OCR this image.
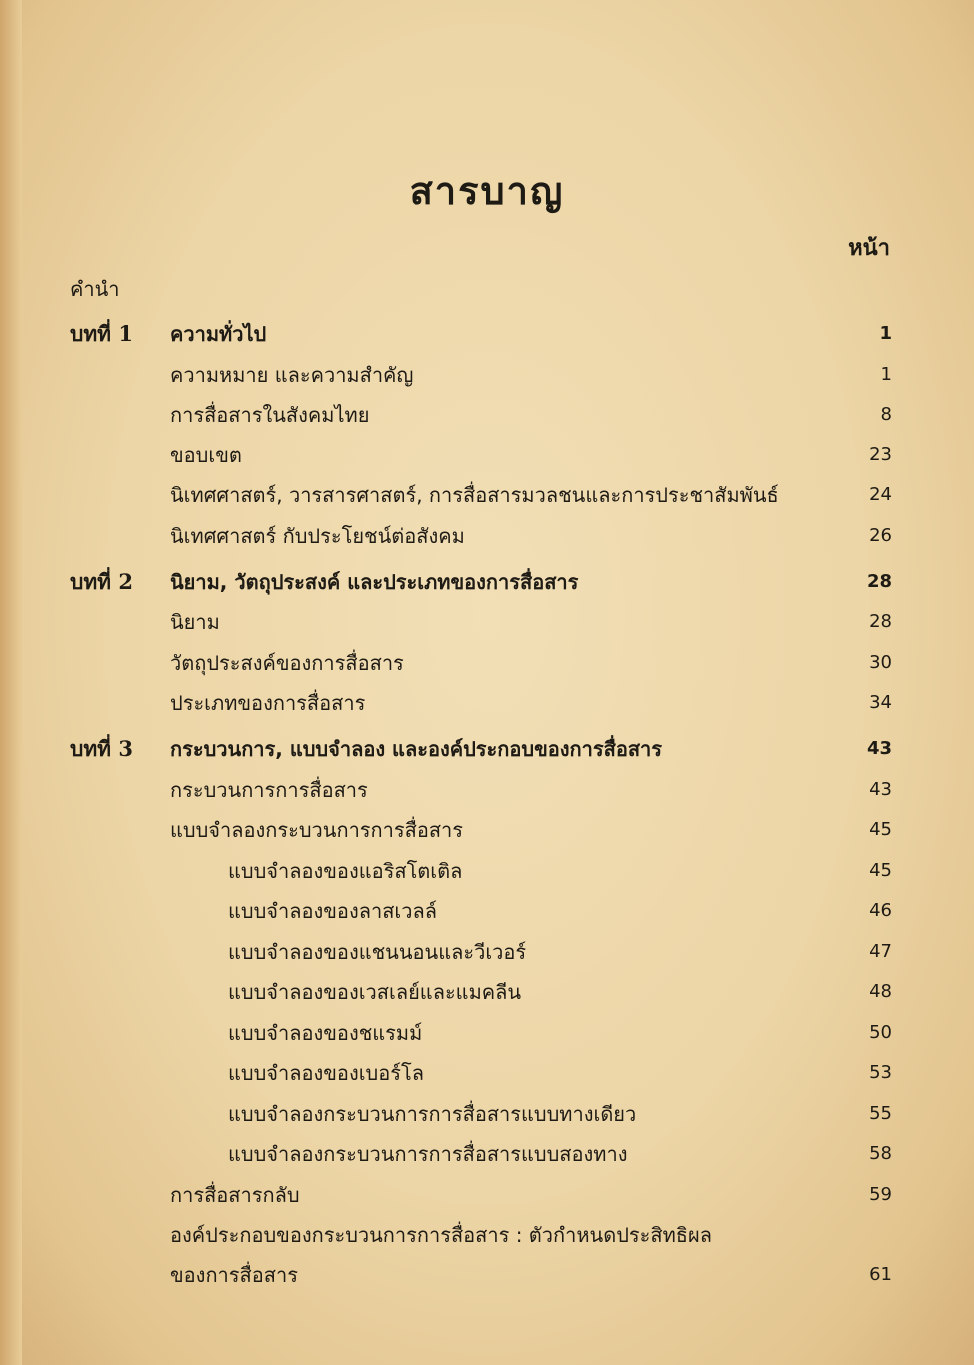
สารบาญ
หน้า
คำนำ
บทที่ 1 ความทั่วไป	1
ความหมาย และความสำคัญ	1
การสื่อสารในสังคมไทย	8
ขอบเขต	23
นิเทศศาสตร์, วารสารศาสตร์, การสื่อสารมวลชนและการประชาสัมพันธ์	24
นิเทศศาสตร์ กับประโยชน์ต่อสังคม	26
บทที่ 2 นิยาม, วัตถุประสงค์ และประเภทของการสื่อสาร	28
นิยาม	28
วัตถุประสงค์ของการสื่อสาร	30
ประเภทของการสื่อสาร	34
บทที่ 3 กระบวนการ, แบบจำลอง และองค์ประกอบของการสื่อสาร	43
กระบวนการการสื่อสาร	43
แบบจำลองกระบวนการการสื่อสาร	45
แบบจำลองของแอริสโตเติล	45
แบบจำลองของลาสเวลล์	46
แบบจำลองของแชนนอนและวีเวอร์	47
แบบจำลองของเวสเลย์และแมคลีน	48
แบบจำลองของชแรมม์	50
แบบจำลองของเบอร์โล	53
แบบจำลองกระบวนการการสื่อสารแบบทางเดียว	55
แบบจำลองกระบวนการการสื่อสารแบบสองทาง	58
การสื่อสารกลับ	59
องค์ประกอบของกระบวนการการสื่อสาร : ตัวกำหนดประสิทธิผล
ของการสื่อสาร	61
